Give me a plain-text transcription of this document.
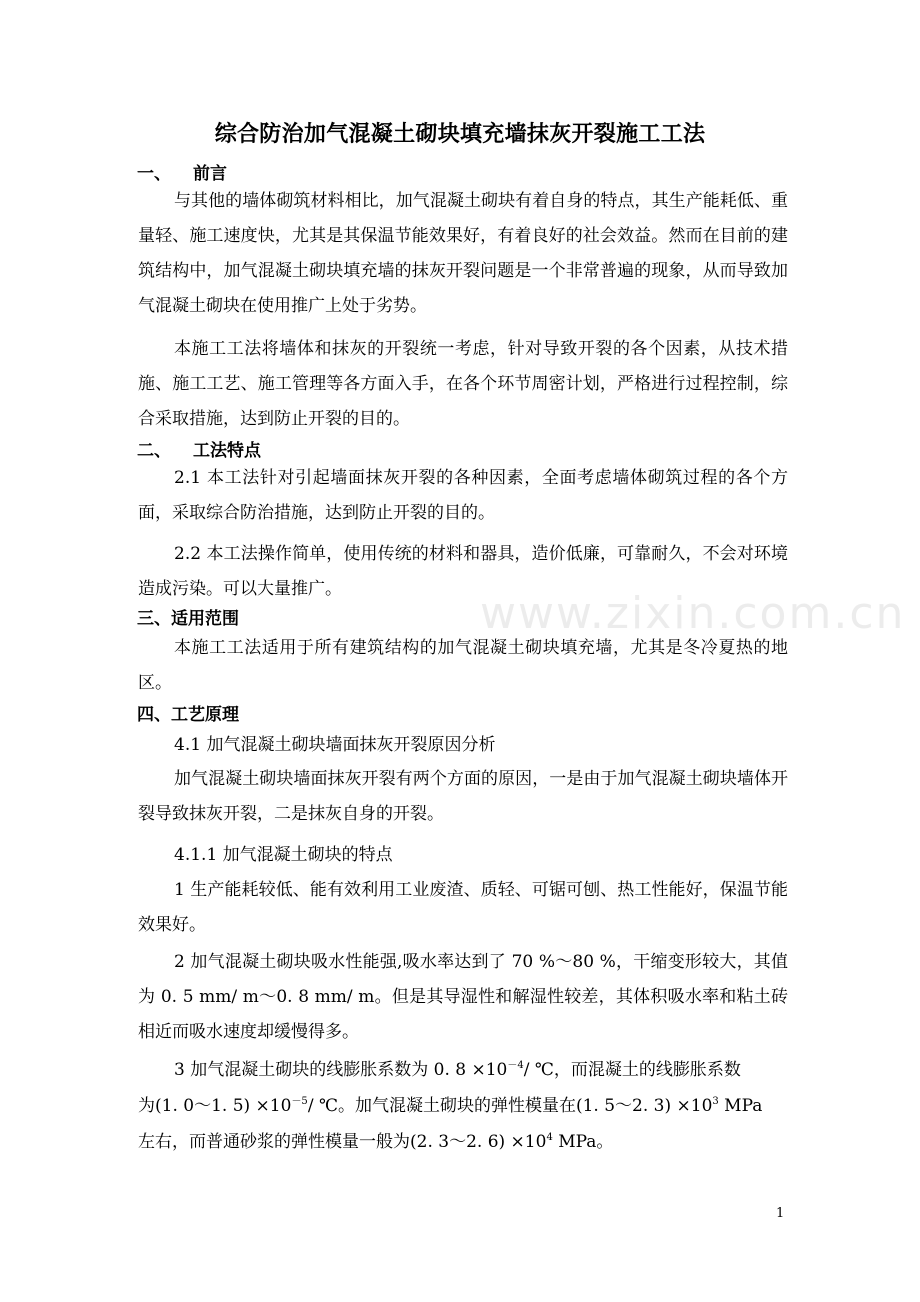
www.zixin.com.cn
综合防治加气混凝土砌块填充墙抹灰开裂施工工法
一、 前言

与其他的墙体砌筑材料相比，加气混凝土砌块有着自身的特点，其生产能耗低、重量轻、施工速度快，尤其是其保温节能效果好，有着良好的社会效益。然而在目前的建筑结构中，加气混凝土砌块填充墙的抹灰开裂问题是一个非常普遍的现象，从而导致加气混凝土砌块在使用推广上处于劣势。

本施工工法将墙体和抹灰的开裂统一考虑，针对导致开裂的各个因素，从技术措施、施工工艺、施工管理等各方面入手，在各个环节周密计划，严格进行过程控制，综合采取措施，达到防止开裂的目的。

二、 工法特点

2.1 本工法针对引起墙面抹灰开裂的各种因素，全面考虑墙体砌筑过程的各个方面，采取综合防治措施，达到防止开裂的目的。

2.2 本工法操作简单，使用传统的材料和器具，造价低廉，可靠耐久，不会对环境造成污染。可以大量推广。

三、适用范围

本施工工法适用于所有建筑结构的加气混凝土砌块填充墙，尤其是冬冷夏热的地区。

四、工艺原理

4.1 加气混凝土砌块墙面抹灰开裂原因分析

加气混凝土砌块墙面抹灰开裂有两个方面的原因，一是由于加气混凝土砌块墙体开裂导致抹灰开裂，二是抹灰自身的开裂。

4.1.1 加气混凝土砌块的特点

1 生产能耗较低、能有效利用工业废渣、质轻、可锯可刨、热工性能好，保温节能效果好。

2 加气混凝土砌块吸水性能强,吸水率达到了 70 %～80 %，干缩变形较大，其值为 0. 5 mm/ m～0. 8 mm/ m。但是其导湿性和解湿性较差，其体积吸水率和粘土砖相近而吸水速度却缓慢得多。

3 加气混凝土砌块的线膨胀系数为 0. $8 \times 10^{-4}/$ ℃，而混凝土的线膨胀系数
为(1. 0～1. $5) \times 10^{-5}/$ ℃。加气混凝土砌块的弹性模量在(1. 5～2. $3) \times 10^3$ MPa
左右，而普通砂浆的弹性模量一般为(2. 3～2. $6) \times 10^4$ MPa。
1
